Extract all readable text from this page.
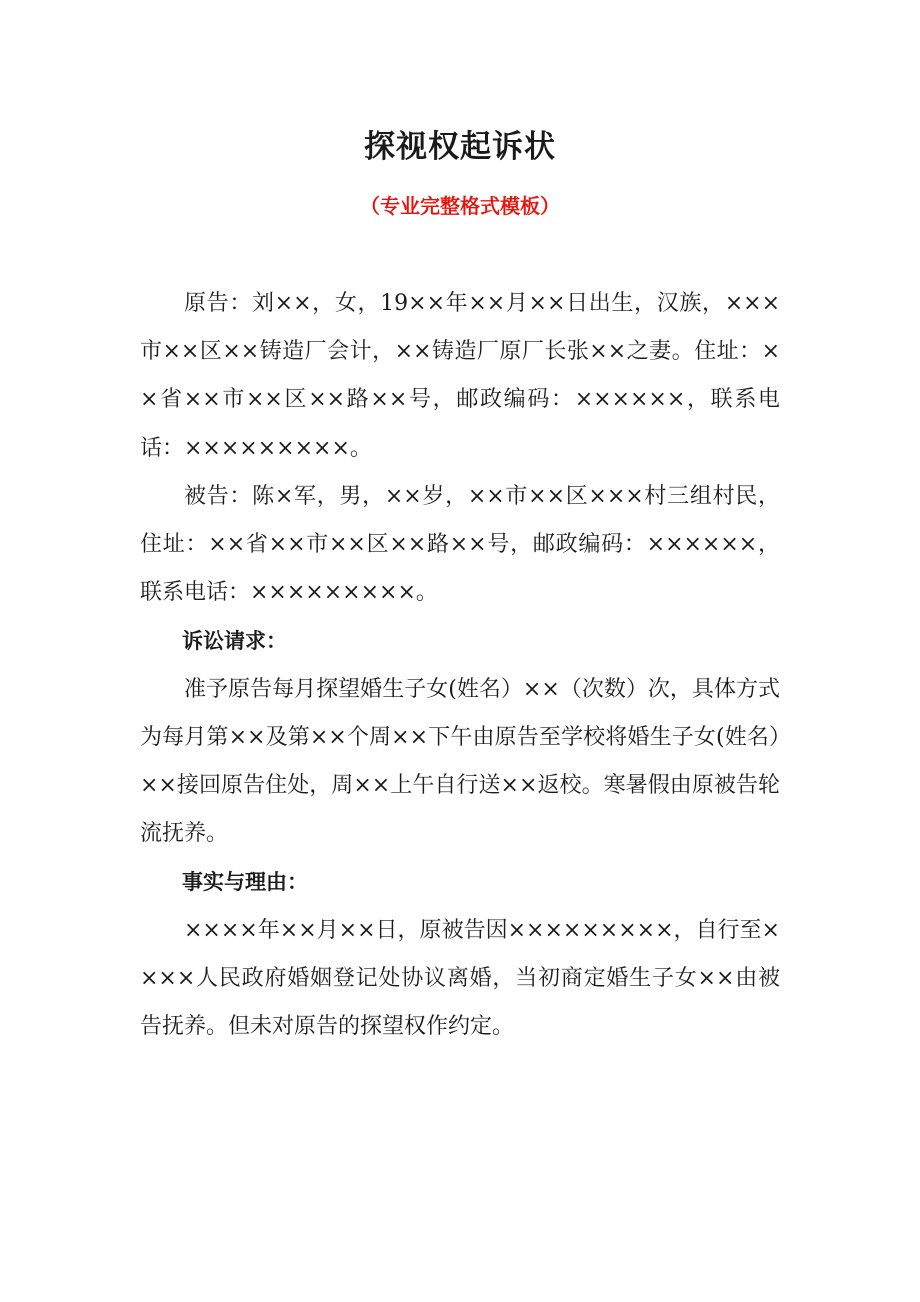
探视权起诉状
（专业完整格式模板）

原告：刘××，女，19××年××月××日出生，汉族，×××市××区××铸造厂会计，××铸造厂原厂长张××之妻。住址：××省××市××区××路××号，邮政编码：××××××，联系电话：×××××××××。

被告：陈×军，男，××岁，××市××区×××村三组村民，住址：××省××市××区××路××号，邮政编码：××××××，联系电话：×××××××××。

诉讼请求：

准予原告每月探望婚生子女(姓名）××（次数）次，具体方式为每月第××及第××个周××下午由原告至学校将婚生子女(姓名）××接回原告住处，周××上午自行送××返校。寒暑假由原被告轮流抚养。

事实与理由：

××××年××月××日，原被告因×××××××××，自行至××××人民政府婚姻登记处协议离婚，当初商定婚生子女××由被告抚养。但未对原告的探望权作约定。
